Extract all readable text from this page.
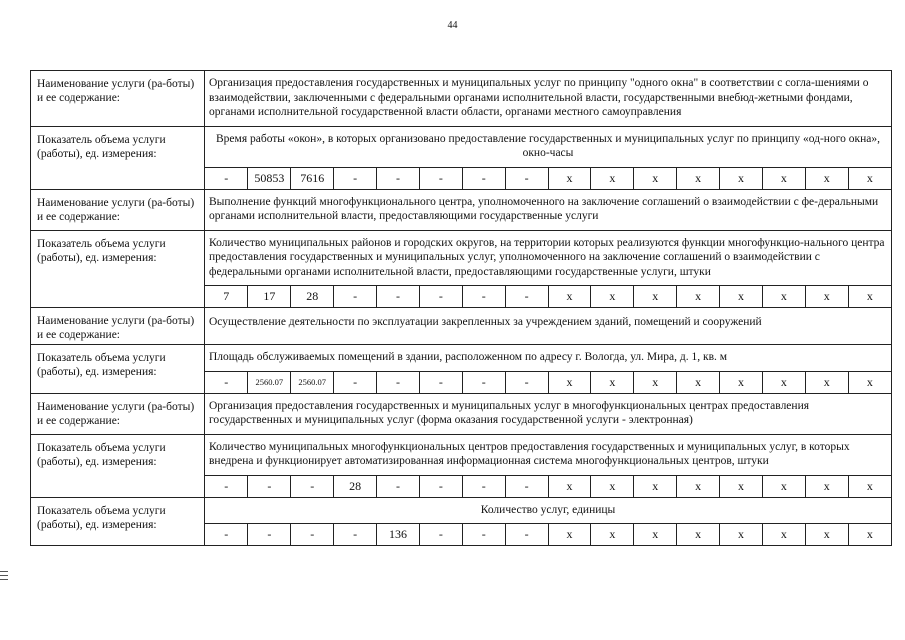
44
Наименование услуги (ра-боты) и ее содержание:	
Организация предоставления государственных и муниципальных услуг по принципу "одного окна" в соответствии с согла-шениями о взаимодействии, заключенными с федеральными органами исполнительной власти, государственными внебюд-жетными фондами, органами исполнительной государственной власти области, органами местного самоуправления

Показатель объема услуги (работы), ед. измерения:	
Время работы «окон», в которых организовано предоставление государственных и муниципальных услуг по принципу «од-ного окна», окно-часы
-	50853	7616	-	-	-	-	-	x	x	x	x	x	x	x	x

Наименование услуги (ра-боты) и ее содержание:	
Выполнение функций многофункционального центра, уполномоченного на заключение соглашений о взаимодействии с фе-деральными органами исполнительной власти, предоставляющими государственные услуги

Показатель объема услуги (работы), ед. измерения:	
Количество муниципальных районов и городских округов, на территории которых реализуются функции многофункцио-нального центра предоставления государственных и муниципальных услуг, уполномоченного на заключение соглашений о взаимодействии с федеральными органами исполнительной власти, предоставляющими государственные услуги, штуки
7	17	28	-	-	-	-	-	x	x	x	x	x	x	x	x

Наименование услуги (ра-боты) и ее содержание:	
Осуществление деятельности по эксплуатации закрепленных за учреждением зданий, помещений и сооружений

Показатель объема услуги (работы), ед. измерения:	
Площадь обслуживаемых помещений в здании, расположенном по адресу г. Вологда, ул. Мира, д. 1, кв. м
-	2560.07	2560.07	-	-	-	-	-	x	x	x	x	x	x	x	x

Наименование услуги (ра-боты) и ее содержание:	
Организация предоставления государственных и муниципальных услуг в многофункциональных центрах предоставления государственных и муниципальных услуг (форма оказания государственной услуги - электронная)

Показатель объема услуги (работы), ед. измерения:	
Количество муниципальных многофункциональных центров предоставления государственных и муниципальных услуг, в которых внедрена и функционирует автоматизированная информационная система многофункциональных центров, штуки
-	-	-	28	-	-	-	-	x	x	x	x	x	x	x	x

Показатель объема услуги (работы), ед. измерения:	
Количество услуг, единицы
-	-	-	-	136	-	-	-	x	x	x	x	x	x	x	x
